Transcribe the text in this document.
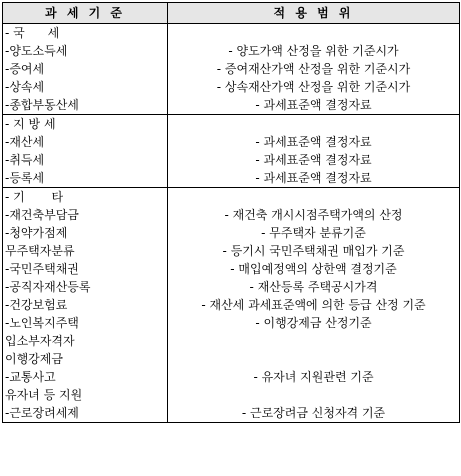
과 세 기 준	적 용 범 위
- 국      세	
-양도소득세	- 양도가액 산정을 위한 기준시가
-증여세	- 증여재산가액 산정을 위한 기준시가
-상속세	- 상속재산가액 산정을 위한 기준시가
-종합부동산세	- 과세표준액 결정자료
- 지 방 세	
-재산세	- 과세표준액 결정자료
-취득세	- 과세표준액 결정자료
-등록세	- 과세표준액 결정자료
- 기       타	
-재건축부담금	- 재건축 개시시점주택가액의 산정
-청약가점제	- 무주택자 분류기준
무주택자분류	- 등기시 국민주택채권 매입가 기준
-국민주택채권	- 매입예정액의 상한액 결정기준
-공직자재산등록	- 재산등록 주택공시가격
-건강보험료	- 재산세 과세표준액에 의한 등급 산정 기준
-노인복지주택	- 이행강제금 산정기준
입소부자격자	
이행강제금	
-교통사고	- 유자녀 지원관련 기준
유자녀 등 지원	
-근로장려세제	- 근로장려금 신청자격 기준
